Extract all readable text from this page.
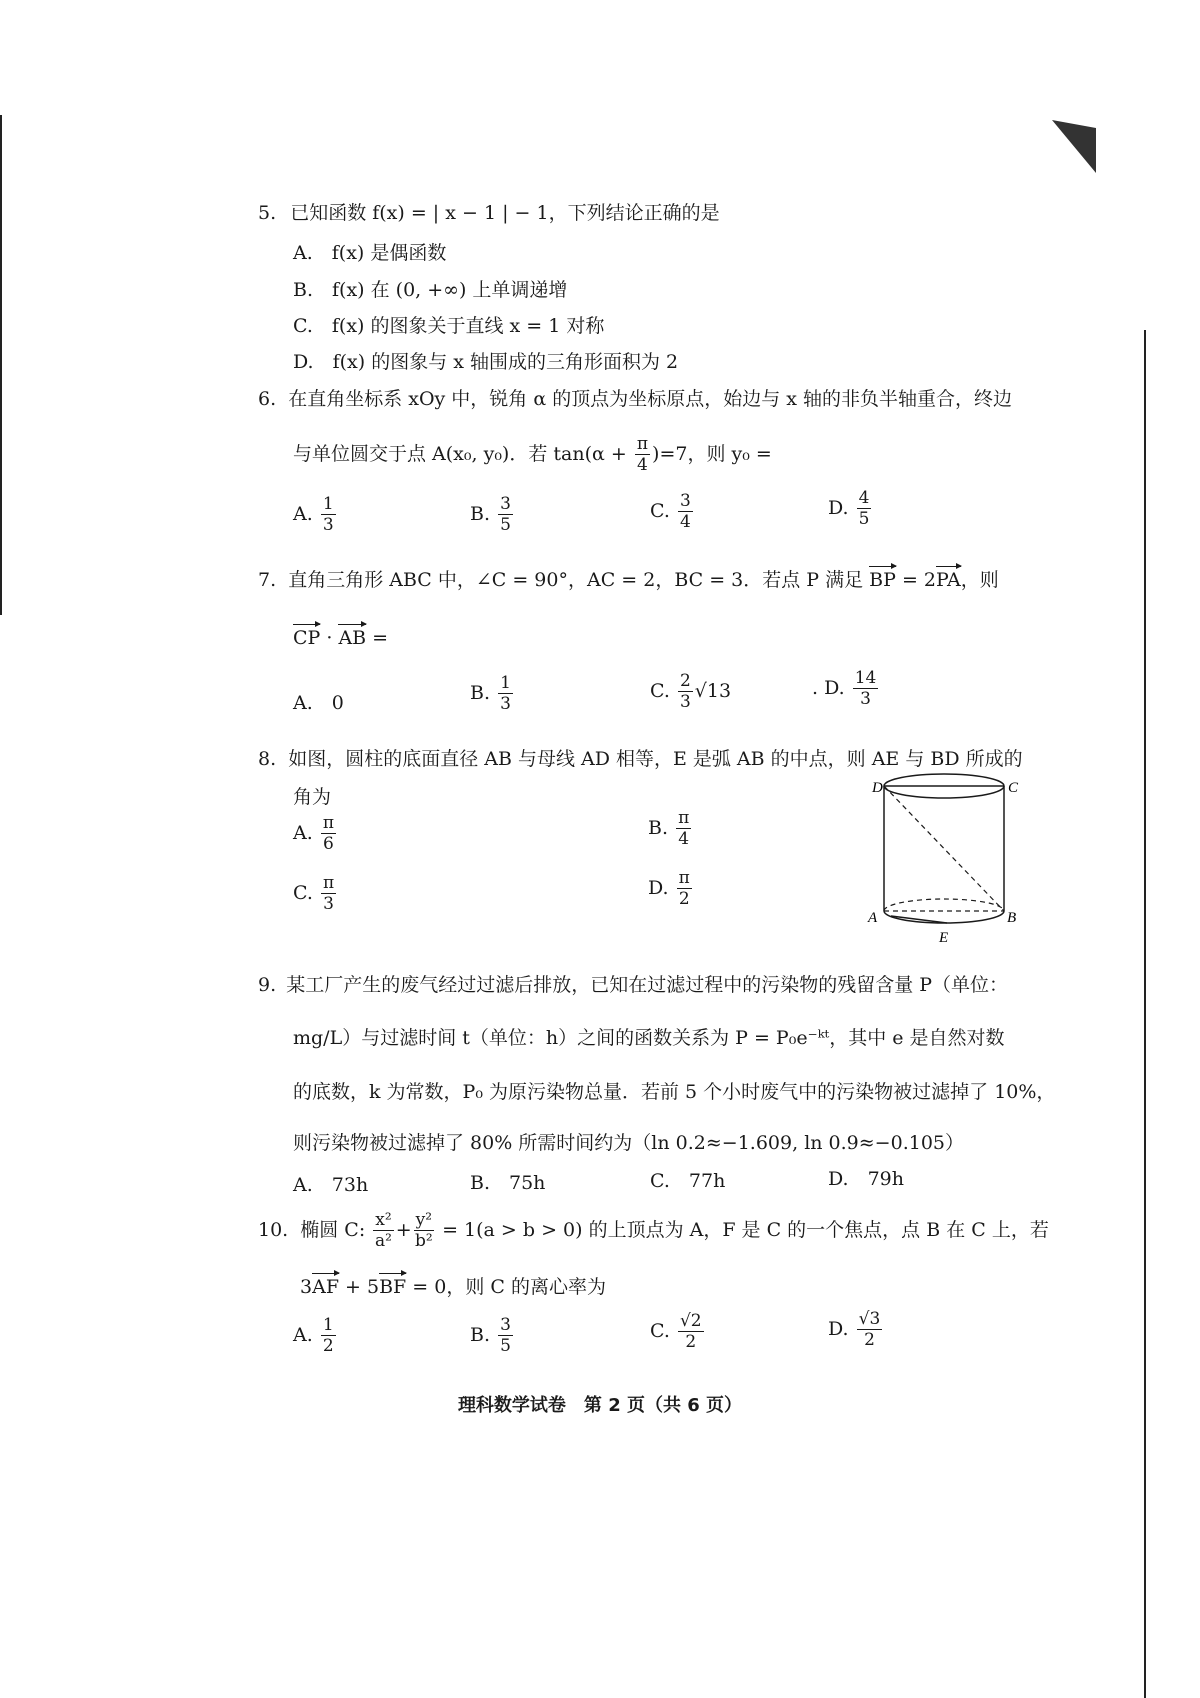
5. 已知函数 f(x) = | x − 1 | − 1，下列结论正确的是
A.　f(x) 是偶函数
B.　f(x) 在 (0, +∞) 上单调递增
C.　f(x) 的图象关于直线 x = 1 对称
D.　f(x) 的图象与 x 轴围成的三角形面积为 2
6. 在直角坐标系 xOy 中，锐角 α 的顶点为坐标原点，始边与 x 轴的非负半轴重合，终边
与单位圆交于点 A(x₀, y₀)．若 $\tan(\alpha + \frac{\pi}{4} )=7$，则 y₀ =
A. $\frac{1}{3}$	B. $\frac{3}{5}$	C. $\frac{3}{4}$	D. $\frac{4}{5}$
7. 直角三角形 ABC 中，∠C = 90°，AC = 2，BC = 3．若点 P 满足 BP = 2PA，则
CP · AB =
A.　0	B. $\frac{1}{3}$	C. $\frac{2}{3} √13$	. D. $\frac{14}{3}$
8. 如图，圆柱的底面直径 AB 与母线 AD 相等，E 是弧 AB 的中点，则 AE 与 BD 所成的
角为
A. $\frac{\pi}{6}$	B. $\frac{\pi}{4}$
C. $\frac{\pi}{3}$	D. $\frac{\pi}{2}$
D	C
A	B
E
9. 某工厂产生的废气经过过滤后排放，已知在过滤过程中的污染物的残留含量 P（单位：
mg/L）与过滤时间 t（单位：h）之间的函数关系为 P = P₀e⁻ᵏᵗ，其中 e 是自然对数
的底数，k 为常数，P₀ 为原污染物总量．若前 5 个小时废气中的污染物被过滤掉了 10%，
则污染物被过滤掉了 80% 所需时间约为（ln 0.2≈−1.609, ln 0.9≈−0.105）
A.　73h	B.　75h	C.　77h	D.　79h
10. 椭圆 C: $\frac{\text{x²}}{\text{a²}} + \frac{\text{y²}}{\text{b²}} = 1(a > b > 0)$ 的上顶点为 A，F 是 C 的一个焦点，点 B 在 C 上，若
3AF + 5BF = 0，则 C 的离心率为
A. $\frac{1}{2}$	B. $\frac{3}{5}$	C. $\frac{√2}{2}$	D. $\frac{√3}{2}$
理科数学试卷　第 2 页（共 6 页）
